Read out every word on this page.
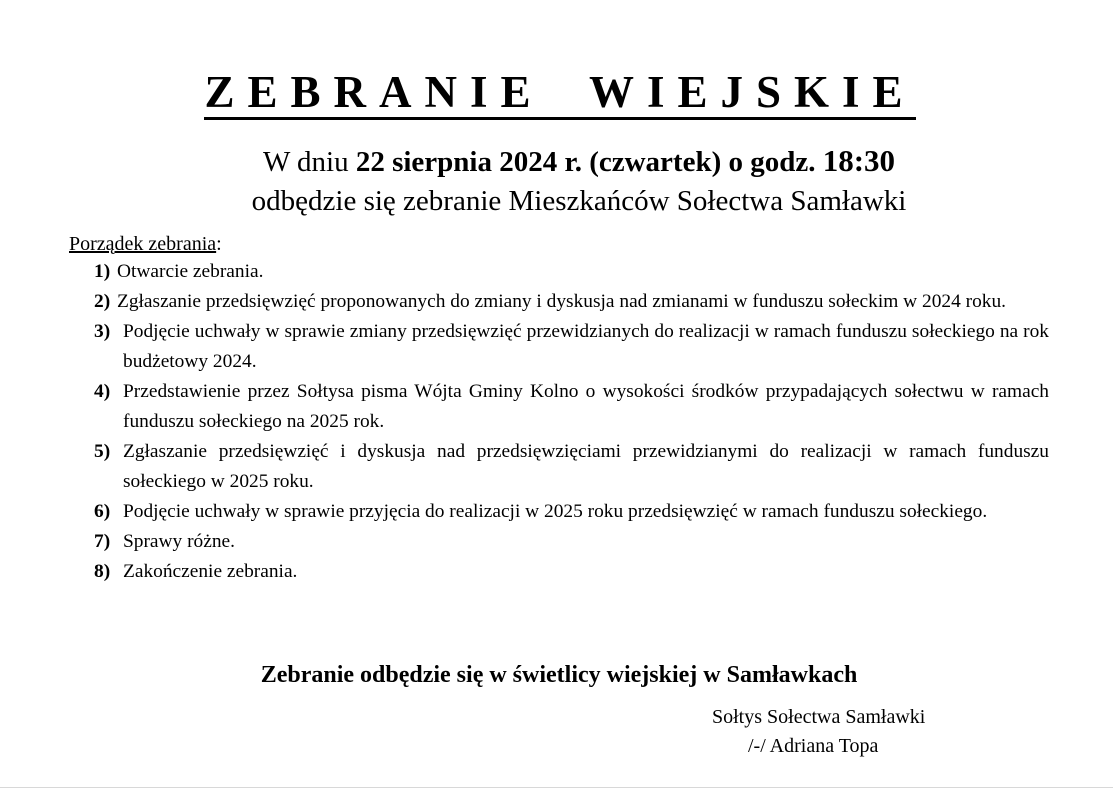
ZEBRANIE WIEJSKIE
W dniu 22 sierpnia 2024 r. (czwartek) o godz. 18:30
odbędzie się zebranie Mieszkańców Sołectwa Samławki
Porządek zebrania:
1) Otwarcie zebrania.
2) Zgłaszanie przedsięwzięć proponowanych do zmiany i dyskusja nad zmianami w funduszu sołeckim w 2024 roku.
3) Podjęcie uchwały w sprawie zmiany przedsięwzięć przewidzianych do realizacji w ramach funduszu sołeckiego na rok budżetowy 2024.
4) Przedstawienie przez Sołtysa pisma Wójta Gminy Kolno o wysokości środków przypadających sołectwu w ramach funduszu sołeckiego na 2025 rok.
5) Zgłaszanie przedsięwzięć i dyskusja nad przedsięwzięciami przewidzianymi do realizacji w ramach funduszu sołeckiego w 2025 roku.
6) Podjęcie uchwały w sprawie przyjęcia do realizacji w 2025 roku przedsięwzięć w ramach funduszu sołeckiego.
7) Sprawy różne.
8) Zakończenie zebrania.
Zebranie odbędzie się w świetlicy wiejskiej w Samławkach
Sołtys Sołectwa Samławki
/-/ Adriana Topa
